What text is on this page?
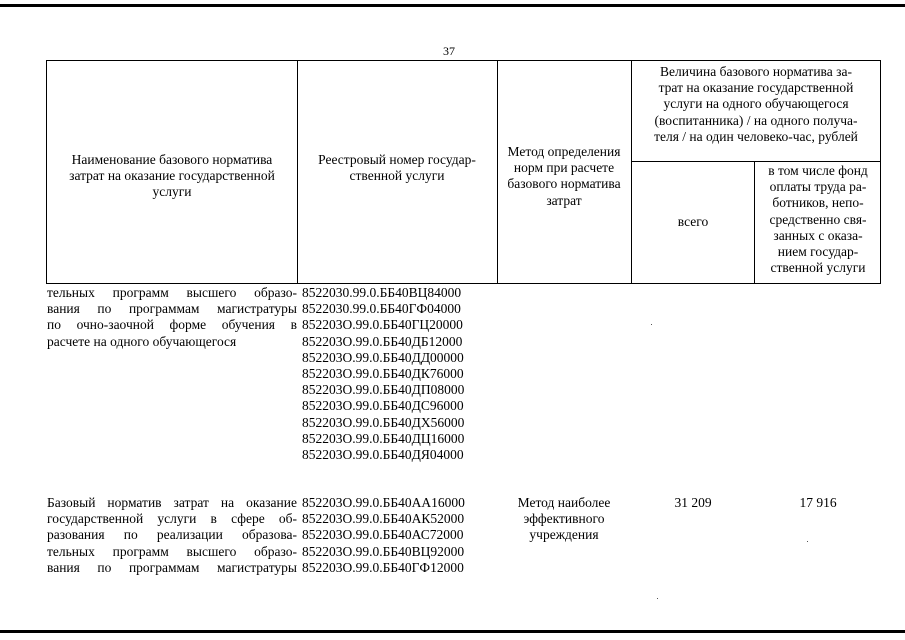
37
Наименование базового норматива
затрат на оказание государственной
услуги
Реестровый номер государ-
ственной услуги
Метод определения
норм при расчете
базового норматива
затрат
Величина базового норматива за-
трат на оказание государственной
услуги на одного обучающегося
(воспитанника) / на одного получа-
теля / на один человеко-час, рублей
всего
в том числе фонд
оплаты труда ра-
ботников, непо-
средственно свя-
занных с оказа-
нием государ-
ственной услуги
тельных программ высшего образо-
вания по программам магистратуры
по очно-заочной форме обучения в
расчете на одного обучающегося
8522030.99.0.ББ40ВЦ84000
8522030.99.0.ББ40ГФ04000
852203О.99.0.ББ40ГЦ20000
852203О.99.0.ББ40ДБ12000
852203О.99.0.ББ40ДД00000
852203О.99.0.ББ40ДК76000
852203О.99.0.ББ40ДП08000
852203О.99.0.ББ40ДС96000
852203О.99.0.ББ40ДХ56000
852203О.99.0.ББ40ДЦ16000
852203О.99.0.ББ40ДЯ04000
Базовый норматив затрат на оказание
государственной услуги в сфере об-
разования по реализации образова-
тельных программ высшего образо-
вания по программам магистратуры
852203О.99.0.ББ40АА16000
852203О.99.0.ББ40АК52000
852203О.99.0.ББ40АС72000
852203О.99.0.ББ40ВЦ92000
852203О.99.0.ББ40ГФ12000
Метод наиболее
эффективного
учреждения
31 209	17 916
